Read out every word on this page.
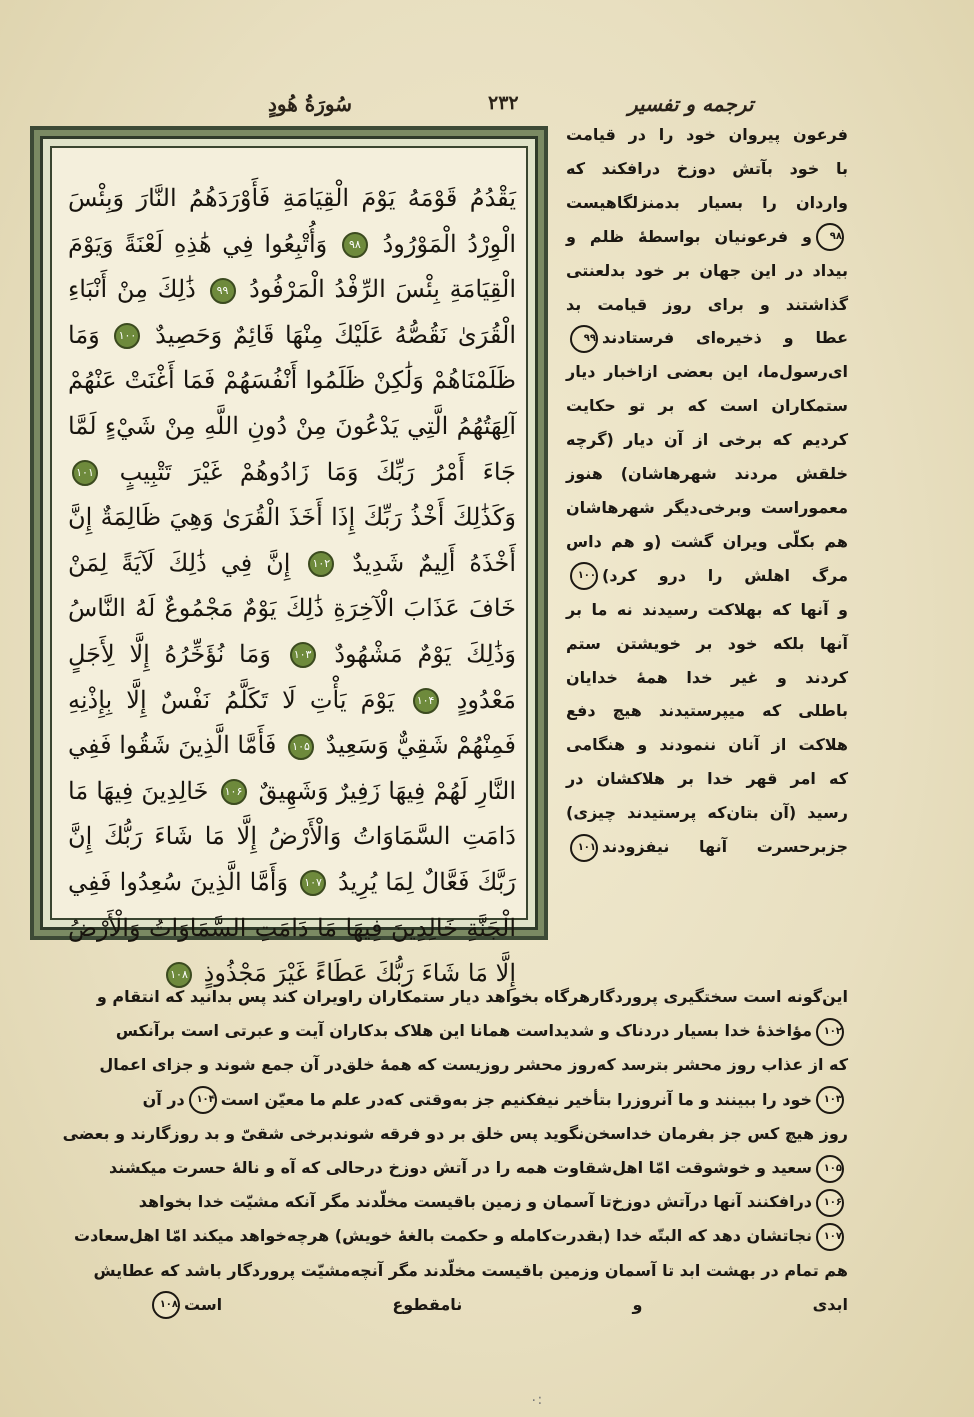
سُورَةُ هُودٍ	۲۳۲	ترجمه و تفسیر
يَقْدُمُ قَوْمَهُ يَوْمَ الْقِيَامَةِ فَأَوْرَدَهُمُ النَّارَ وَبِئْسَ الْوِرْدُ الْمَوْرُودُ ۹۸ وَأُتْبِعُوا فِي هَٰذِهِ لَعْنَةً وَيَوْمَ الْقِيَامَةِ بِئْسَ الرِّفْدُ الْمَرْفُودُ ۹۹ ذَٰلِكَ مِنْ أَنْبَاءِ الْقُرَىٰ نَقُصُّهُ عَلَيْكَ مِنْهَا قَائِمٌ وَحَصِيدٌ ۱۰۰ وَمَا ظَلَمْنَاهُمْ وَلَٰكِنْ ظَلَمُوا أَنْفُسَهُمْ فَمَا أَغْنَتْ عَنْهُمْ آلِهَتُهُمُ الَّتِي يَدْعُونَ مِنْ دُونِ اللَّهِ مِنْ شَيْءٍ لَمَّا جَاءَ أَمْرُ رَبِّكَ وَمَا زَادُوهُمْ غَيْرَ تَتْبِيبٍ ۱۰۱ وَكَذَٰلِكَ أَخْذُ رَبِّكَ إِذَا أَخَذَ الْقُرَىٰ وَهِيَ ظَالِمَةٌ إِنَّ أَخْذَهُ أَلِيمٌ شَدِيدٌ ۱۰۲ إِنَّ فِي ذَٰلِكَ لَآيَةً لِمَنْ خَافَ عَذَابَ الْآخِرَةِ ذَٰلِكَ يَوْمٌ مَجْمُوعٌ لَهُ النَّاسُ وَذَٰلِكَ يَوْمٌ مَشْهُودٌ ۱۰۳ وَمَا نُؤَخِّرُهُ إِلَّا لِأَجَلٍ مَعْدُودٍ ۱۰۴ يَوْمَ يَأْتِ لَا تَكَلَّمُ نَفْسٌ إِلَّا بِإِذْنِهِ فَمِنْهُمْ شَقِيٌّ وَسَعِيدٌ ۱۰۵ فَأَمَّا الَّذِينَ شَقُوا فَفِي النَّارِ لَهُمْ فِيهَا زَفِيرٌ وَشَهِيقٌ ۱۰۶ خَالِدِينَ فِيهَا مَا دَامَتِ السَّمَاوَاتُ وَالْأَرْضُ إِلَّا مَا شَاءَ رَبُّكَ إِنَّ رَبَّكَ فَعَّالٌ لِمَا يُرِيدُ ۱۰۷ وَأَمَّا الَّذِينَ سُعِدُوا فَفِي الْجَنَّةِ خَالِدِينَ فِيهَا مَا دَامَتِ السَّمَاوَاتُ وَالْأَرْضُ إِلَّا مَا شَاءَ رَبُّكَ عَطَاءً غَيْرَ مَجْذُوذٍ ۱۰۸
فرعون پیروان خود را در قیامت
با خود بآتش دوزخ درافکند که
واردان را بسیار بدمنزلگاهیست
۹۸و فرعونیان بواسطهٔ ظلم و
بیداد در این جهان بر خود بدلعنتی
گذاشتند و برای روز قیامت بد
عطا و ذخیره‌ای فرستادند۹۹
ای‌رسول‌ما، این بعضی ازاخبار دیار
ستمکاران است که بر تو حکایت
کردیم که برخی از آن دیار (گرچه
خلقش مردند شهرهاشان) هنوز
معموراست وبرخی‌دیگر شهرهاشان
هم بکلّی ویران گشت (و هم داس
مرگ اهلش را درو کرد)۱۰۰
و آنها که بهلاکت رسیدند نه ما بر
آنها بلکه خود بر خویشتن ستم
کردند و غیر خدا همهٔ خدایان
باطلی که میپرستیدند هیچ دفع
هلاکت از آنان ننمودند و هنگامی
که امر قهر خدا بر هلاکشان در
رسید (آن بتان‌که پرستیدند چیزی)
جزبرحسرت آنها نیفزودند۱۰۱
این‌گونه است سختگیری پروردگارهرگاه بخواهد دیار ستمکاران راویران کند پس بدانید که انتقام و
۱۰۲مؤاخذهٔ خدا بسیار دردناک و شدیداست همانا این هلاک بدکاران آیت و عبرتی است برآنکس
که از عذاب روز محشر بترسد که‌روز محشر روزیست که همهٔ خلق‌در آن جمع شوند و جزای اعمال
۱۰۳خود را ببینند و ما آنروزرا بتأخیر نیفکنیم جز به‌وقتی که‌در علم ما معیّن است۱۰۴در آن
روز هیچ کس جز بفرمان خداسخن‌نگوید پس خلق بر دو فرقه شوندبرخی شقیّ و بد روزگارند و بعضی
۱۰۵سعید و خوشوقت امّا اهل‌شقاوت همه را در آتش دوزخ درحالی که آه و نالهٔ حسرت میکشند
۱۰۶درافکنند آنها درآتش دوزخ‌تا آسمان و زمین باقیست مخلّدند مگر آنکه مشیّت خدا بخواهد
۱۰۷نجاتشان دهد که البتّه خدا (بقدرت‌کامله و حکمت بالغهٔ خویش) هرچه‌خواهد میکند امّا اهل‌سعادت
هم تمام در بهشت ابد تا آسمان وزمین باقیست مخلّدند مگر آنچه‌مشیّت پروردگار باشد که عطایش
ابدی و نامقطوع است۱۰۸
۰:
